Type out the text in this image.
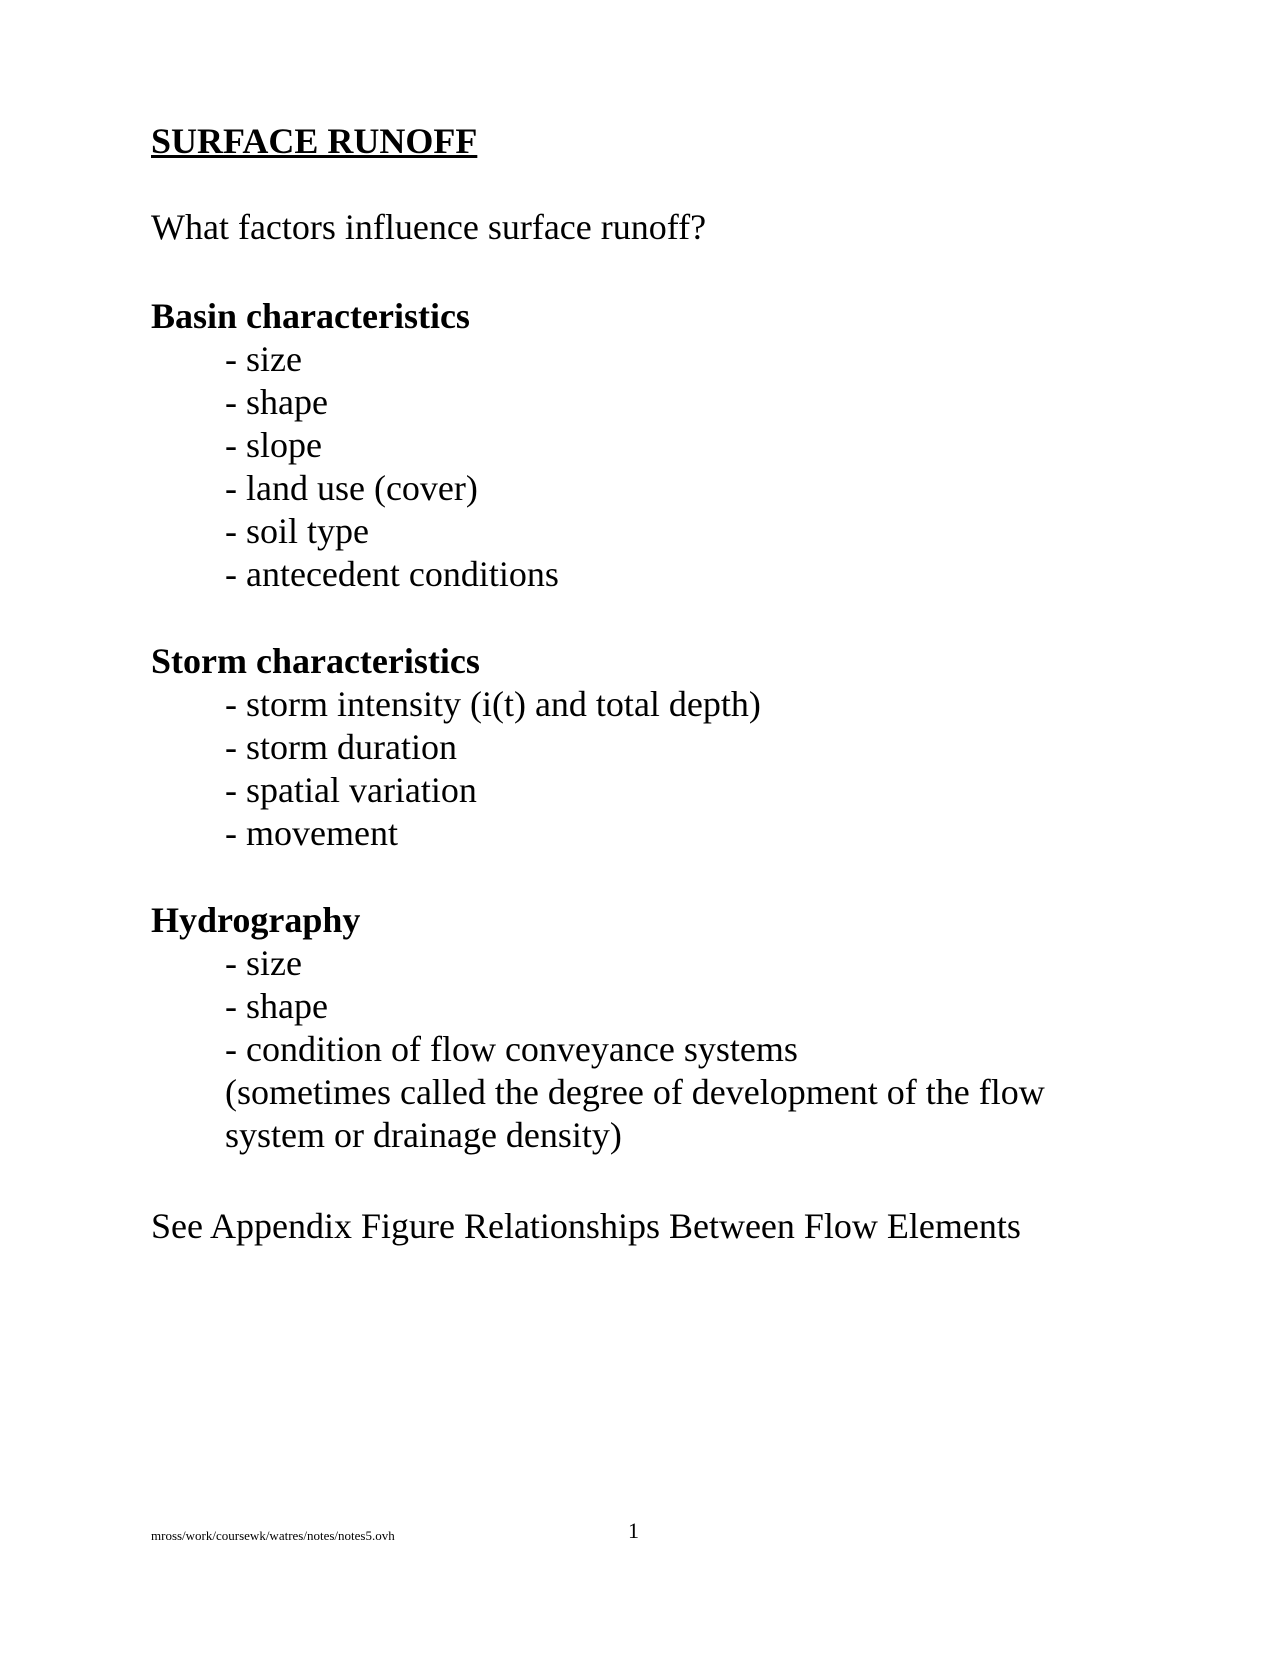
SURFACE RUNOFF
What factors influence surface runoff?
Basin characteristics
- size
- shape
- slope
- land use (cover)
- soil type
- antecedent conditions
Storm characteristics
- storm intensity (i(t) and total depth)
- storm duration
- spatial variation
- movement
Hydrography
- size
- shape
- condition of flow conveyance systems
(sometimes called the degree of development of the flow
system or drainage density)
See Appendix Figure Relationships Between Flow Elements
mross/work/coursewk/watres/notes/notes5.ovh	1
